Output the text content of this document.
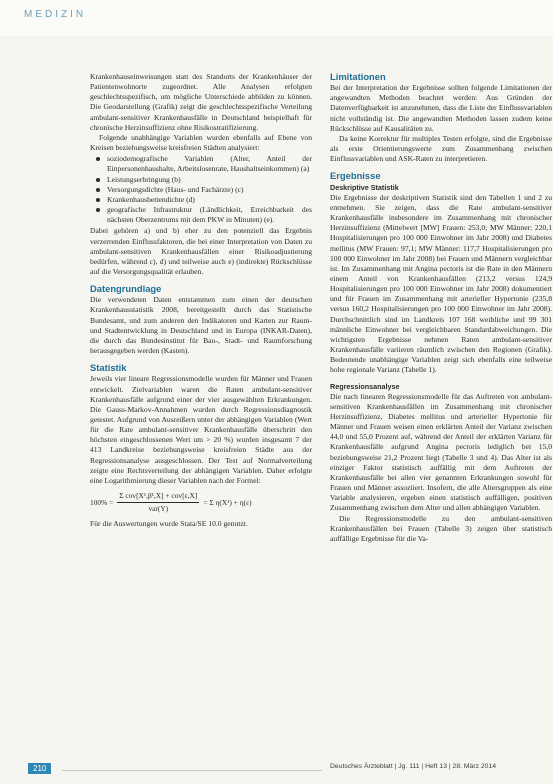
MEDIZIN

Krankenhauseinweisungen statt des Standorts der Krankenhäuser der Patientenwohnorte zugeordnet. Alle Analysen erfolgten geschlechtsspezifisch, um mögliche Unterschiede abbilden zu können. Die Geodarstellung (Grafik) zeigt die geschlechtsspezifische Verteilung ambulant-sensitiver Krankenhausfälle in Deutschland beispielhaft für chronische Herzinsuffizienz ohne Risikostratifizierung.

Folgende unabhängige Variablen wurden ebenfalls auf Ebene von Kreisen beziehungsweise kreisfreien Städten analysiert:

soziodemografische Variablen (Alter, Anteil der Einpersonenhaushalte, Arbeitslosenrate, Haushaltseinkommen) (a)
Leistungserbringung (b)
Versorgungsdichte (Haus- und Fachärzte) (c)
Krankenhausbettendichte (d)
geografische Infrastruktur (Ländlichkeit, Erreichbarkeit des nächsten Oberzentrums mit dem PKW in Minuten) (e).

Dabei gehören a) und b) eher zu den potenziell das Ergebnis verzerrenden Einflussfaktoren, die bei einer Interpretation von Daten zu ambulant-sensitiven Krankenhausfällen einer Risikoadjustierung bedürfen, während c), d) und teilweise auch e) (indirekte) Rückschlüsse auf die Versorgungsqualität erlauben.

Datengrundlage

Die verwendeten Daten entstammen zum einen der deutschen Krankenhausstatistik 2008, bereitgestellt durch das Statistische Bundesamt, und zum anderen den Indikatoren und Karten zur Raum- und Stadtentwicklung in Deutschland und in Europa (INKAR-Daten), die durch das Bundesinstitut für Bau-, Stadt- und Raumforschung herausgegeben werden (Kasten).

Statistik

Jeweils vier lineare Regressionsmodelle wurden für Männer und Frauen entwickelt. Zielvariablen waren die Raten ambulant-sensitiver Krankenhausfälle aufgrund einer der vier ausgewählten Erkrankungen. Die Gauss-Markov-Annahmen wurden durch Regressionsdiagnostik getestet. Aufgrund von Ausreißern unter der abhängigen Variablen (Wert für die Rate ambulant-sensitiver Krankenhausfälle überschritt den höchsten eingeschlossenen Wert um > 20 %) wurden insgesamt 7 der 413 Landkreise beziehungsweise kreisfreien Städte aus der Regressionsanalyse ausgeschlossen. Der Test auf Normalverteilung zeigte eine Rechtsverteilung der abhängigen Variablen. Daher erfolgte eine Logarithmierung dieser Variablen nach der Formel:

$100\% = \frac{\text{Σ cov[X¹,β¹,X] + cov[ε,X]}}{\text{var(Y)}} = \Sigma$ η(X¹) + η(ε)

Für die Auswertungen wurde Stata/SE 10.0 genutzt.

Limitationen

Bei der Interpretation der Ergebnisse sollten folgende Limitationen der angewandten Methoden beachtet werden: Aus Gründen der Datenverfügbarkeit ist anzunehmen, dass die Liste der Einflussvariablen nicht vollständig ist. Die angewandten Methoden lassen zudem keine Rückschlüsse auf Kausalitäten zu.

Da keine Korrektur für multiples Testen erfolgte, sind die Ergebnisse als erste Orientierungswerte zum Zusammenhang zwischen Einflussvariablen und ASK-Raten zu interpretieren.

Ergebnisse
Deskriptive Statistik

Die Ergebnisse der deskriptiven Statistik sind den Tabellen 1 und 2 zu entnehmen. Sie zeigen, dass die Rate ambulant-sensitiver Krankenhausfälle insbesondere im Zusammenhang mit chronischer Herzinsuffizienz (Mittelwert [MW] Frauen: 253,0; MW Männer: 220,1 Hospitalisierungen pro 100 000 Einwohner im Jahr 2008) und Diabetes mellitus (MW Frauen: 97,1; MW Männer: 117,7 Hospitalisierungen pro 100 000 Einwohner im Jahr 2008) bei Frauen und Männern vergleichbar ist. Im Zusammenhang mit Angina pectoris ist die Rate in den Männern einem Anteil von Krankenhausfällen (213,2 versus 124,9 Hospitalisierungen pro 100 000 Einwohner im Jahr 2008) dokumentiert und für Frauen im Zusammenhang mit arterieller Hypertonie (235,8 versus 160,2 Hospitalisierungen pro 100 000 Einwohner im Jahr 2008). Durchschnittlich sind im Landkreis 107 168 weibliche und 99 301 männliche Einwohner bei vergleichbaren Standardabweichungen. Die wichtigsten Ergebnisse nehmen Raten ambulant-sensitiver Krankenhausfälle variieren räumlich zwischen den Regionen (Grafik). Bedeutende unabhängige Variablen zeigt sich ebenfalls eine teilweise hohe regionale Varianz (Tabelle 1).

Regressionsanalyse

Die nach linearen Regressionsmodelle für das Auftreten von ambulant-sensitiven Krankenhausfällen im Zusammenhang mit chronischer Herzinsuffizienz, Diabetes mellitus und arterieller Hypertonie für Männer und Frauen weisen einen erklärten Anteil der Varianz zwischen 44,0 und 55,0 Prozent auf, während der Anteil der erklärten Varianz für Krankenhausfälle aufgrund Angina pectoris lediglich bei 15,0 beziehungsweise 21,2 Prozent liegt (Tabelle 3 und 4). Das Alter ist als einziger Faktor statistisch auffällig mit dem Auftreten der Krankenhausfälle bei allen vier genannten Erkrankungen sowohl für Frauen und Männer assoziiert. Insofern, die alle Altersgruppen als eine Variable analysieren, ergeben einen statistisch auffälligen, positiven Zusammenhang zwischen dem Alter und allen abhängigen Variablen.

Die Regressionsmodelle zu den ambulant-sensitiven Krankenhausfällen bei Frauen (Tabelle 3) zeigen über statistisch auffällige Ergebnisse für die Va-

210	Deutsches Ärzteblatt | Jg. 111 | Heft 13 | 28. März 2014
